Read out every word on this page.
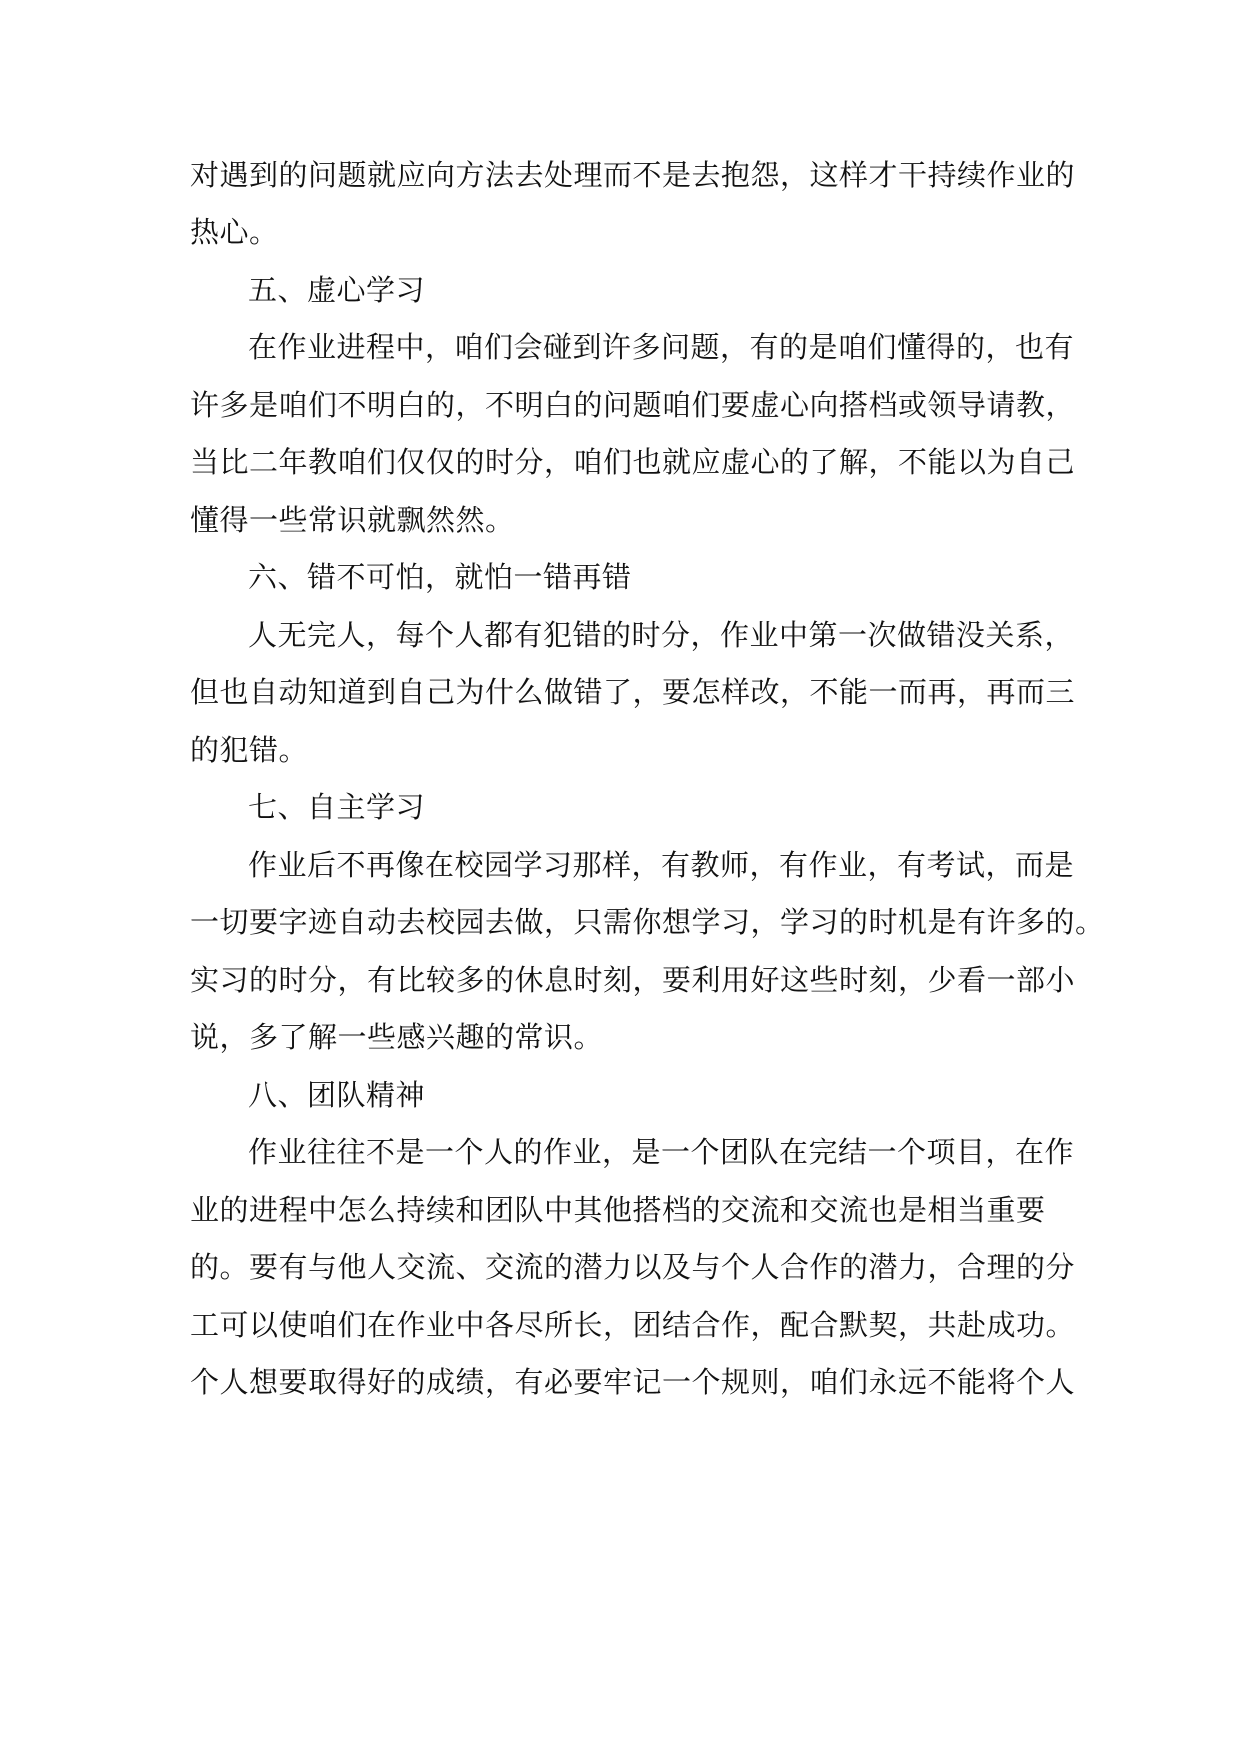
对遇到的问题就应向方法去处理而不是去抱怨，这样才干持续作业的
热心。
五、虚心学习
在作业进程中，咱们会碰到许多问题，有的是咱们懂得的，也有
许多是咱们不明白的，不明白的问题咱们要虚心向搭档或领导请教，
当比二年教咱们仅仅的时分，咱们也就应虚心的了解，不能以为自己
懂得一些常识就飘然然。
六、错不可怕，就怕一错再错
人无完人，每个人都有犯错的时分，作业中第一次做错没关系，
但也自动知道到自己为什么做错了，要怎样改，不能一而再，再而三
的犯错。
七、自主学习
作业后不再像在校园学习那样，有教师，有作业，有考试，而是
一切要字迹自动去校园去做，只需你想学习，学习的时机是有许多的。
实习的时分，有比较多的休息时刻，要利用好这些时刻，少看一部小
说，多了解一些感兴趣的常识。
八、团队精神
作业往往不是一个人的作业，是一个团队在完结一个项目，在作
业的进程中怎么持续和团队中其他搭档的交流和交流也是相当重要
的。要有与他人交流、交流的潜力以及与个人合作的潜力，合理的分
工可以使咱们在作业中各尽所长，团结合作，配合默契，共赴成功。
个人想要取得好的成绩，有必要牢记一个规则，咱们永远不能将个人
